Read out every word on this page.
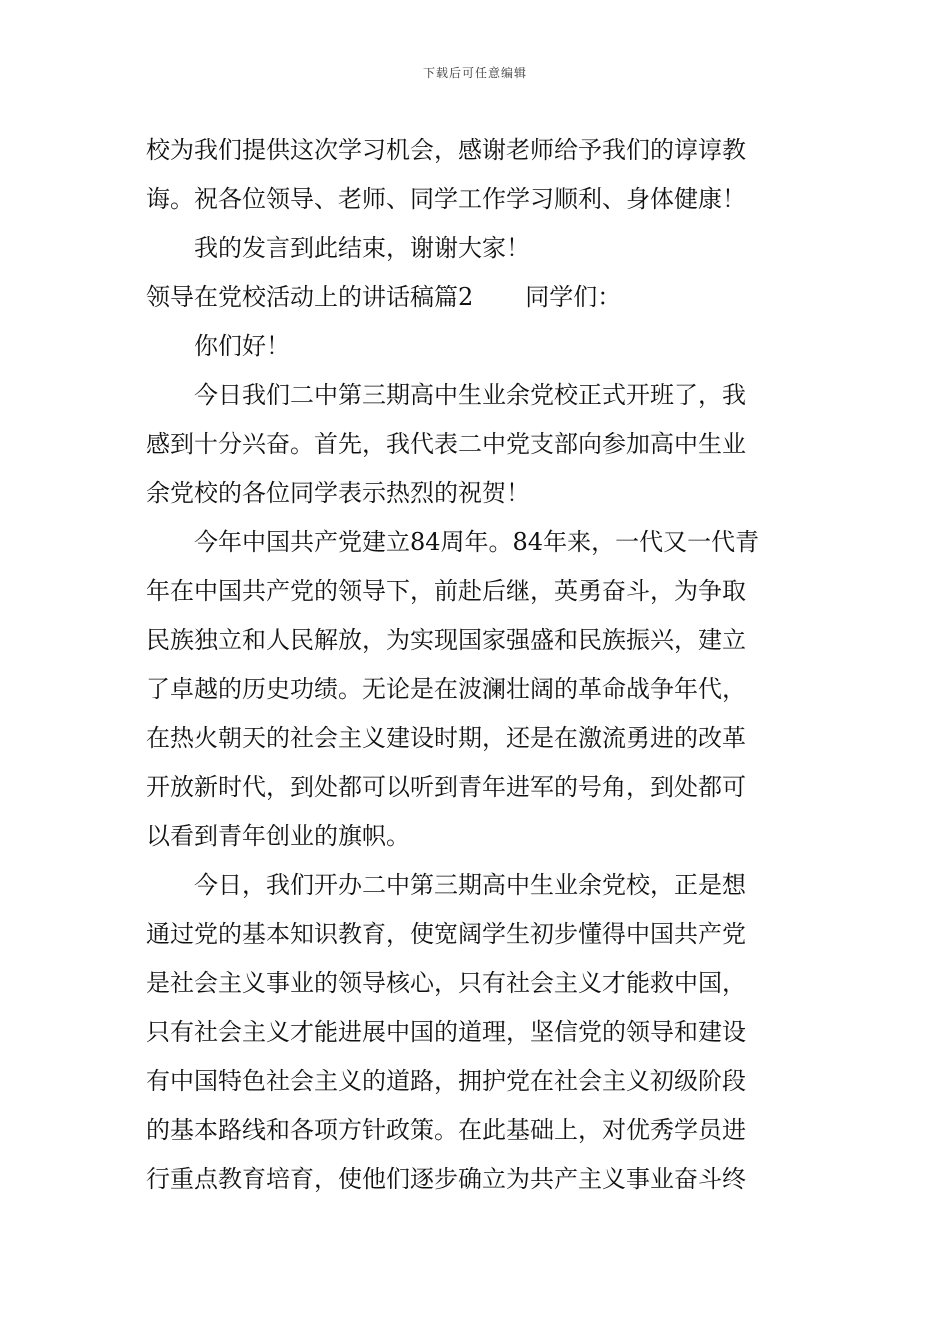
下载后可任意编辑
校为我们提供这次学习机会，感谢老师给予我们的谆谆教
诲。祝各位领导、老师、同学工作学习顺利、身体健康！
我的发言到此结束，谢谢大家！
领导在党校活动上的讲话稿篇2 同学们：
你们好！
今日我们二中第三期高中生业余党校正式开班了，我
感到十分兴奋。首先，我代表二中党支部向参加高中生业
余党校的各位同学表示热烈的祝贺！
今年中国共产党建立84周年。84年来，一代又一代青
年在中国共产党的领导下，前赴后继，英勇奋斗，为争取
民族独立和人民解放，为实现国家强盛和民族振兴，建立
了卓越的历史功绩。无论是在波澜壮阔的革命战争年代，
在热火朝天的社会主义建设时期，还是在激流勇进的改革
开放新时代，到处都可以听到青年进军的号角，到处都可
以看到青年创业的旗帜。
今日，我们开办二中第三期高中生业余党校，正是想
通过党的基本知识教育，使宽阔学生初步懂得中国共产党
是社会主义事业的领导核心，只有社会主义才能救中国，
只有社会主义才能进展中国的道理，坚信党的领导和建设
有中国特色社会主义的道路，拥护党在社会主义初级阶段
的基本路线和各项方针政策。在此基础上，对优秀学员进
行重点教育培育，使他们逐步确立为共产主义事业奋斗终
